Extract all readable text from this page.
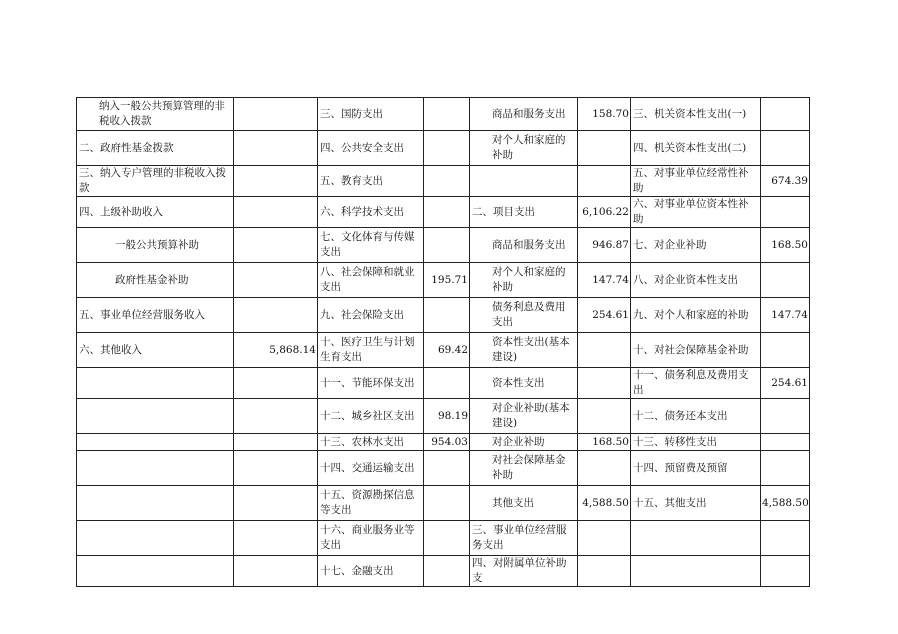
纳入一般公共预算管理的非税收入拨款		三、国防支出		商品和服务支出	158.70	三、机关资本性支出(一)	
二、政府性基金拨款		四、公共安全支出		对个人和家庭的补助		四、机关资本性支出(二)	
三、纳入专户管理的非税收入拨款		五、教育支出				五、对事业单位经常性补助	674.39
四、上级补助收入		六、科学技术支出		二、项目支出	6,106.22	六、对事业单位资本性补助	
一般公共预算补助		七、文化体育与传媒支出		商品和服务支出	946.87	七、对企业补助	168.50
政府性基金补助		八、社会保障和就业支出	195.71	对个人和家庭的补助	147.74	八、对企业资本性支出	
五、事业单位经营服务收入		九、社会保险支出		债务利息及费用支出	254.61	九、对个人和家庭的补助	147.74
六、其他收入	5,868.14	十、医疗卫生与计划生育支出	69.42	资本性支出(基本建设)		十、对社会保障基金补助	
		十一、节能环保支出		资本性支出		十一、债务利息及费用支出	254.61
		十二、城乡社区支出	98.19	对企业补助(基本建设)		十二、债务还本支出	
		十三、农林水支出	954.03	对企业补助	168.50	十三、转移性支出	
		十四、交通运输支出		对社会保障基金补助		十四、预留费及预留	
		十五、资源勘探信息等支出		其他支出	4,588.50	十五、其他支出	4,588.50
		十六、商业服务业等支出		三、事业单位经营服务支出			
		十七、金融支出		四、对附属单位补助支			
